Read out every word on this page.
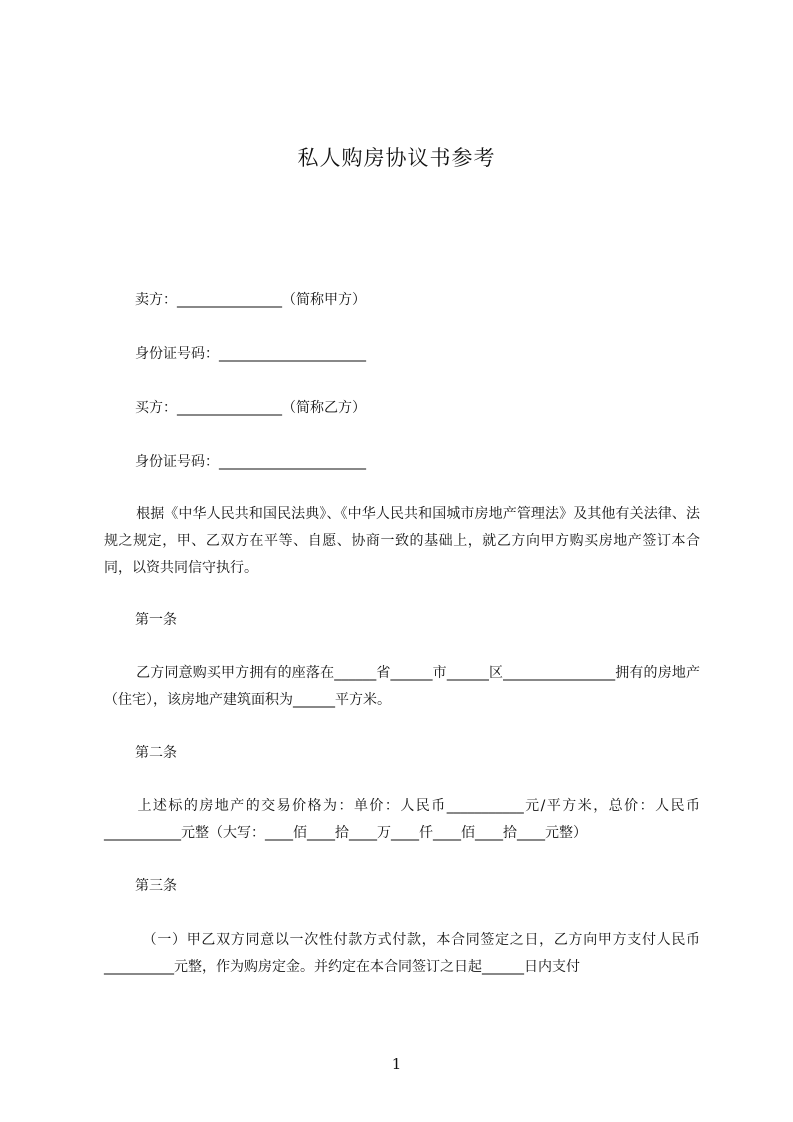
私人购房协议书参考
卖方：_______________（简称甲方）
身份证号码：_____________________
买方：_______________（简称乙方）
身份证号码：_____________________
根据《中华人民共和国民法典》、《中华人民共和国城市房地产管理法》及其他有关法律、法规之规定，甲、乙双方在平等、自愿、协商一致的基础上，就乙方向甲方购买房地产签订本合同，以资共同信守执行。
第一条
乙方同意购买甲方拥有的座落在______省______市______区________________拥有的房地产（住宅），该房地产建筑面积为______平方米。
第二条
上述标的房地产的交易价格为：单价：人民币___________元/平方米，总价：人民币___________元整（大写：____佰____拾____万____仟____佰____拾____元整）
第三条
（一）甲乙双方同意以一次性付款方式付款，本合同签定之日，乙方向甲方支付人民币__________元整，作为购房定金。并约定在本合同签订之日起______日内支付
1
